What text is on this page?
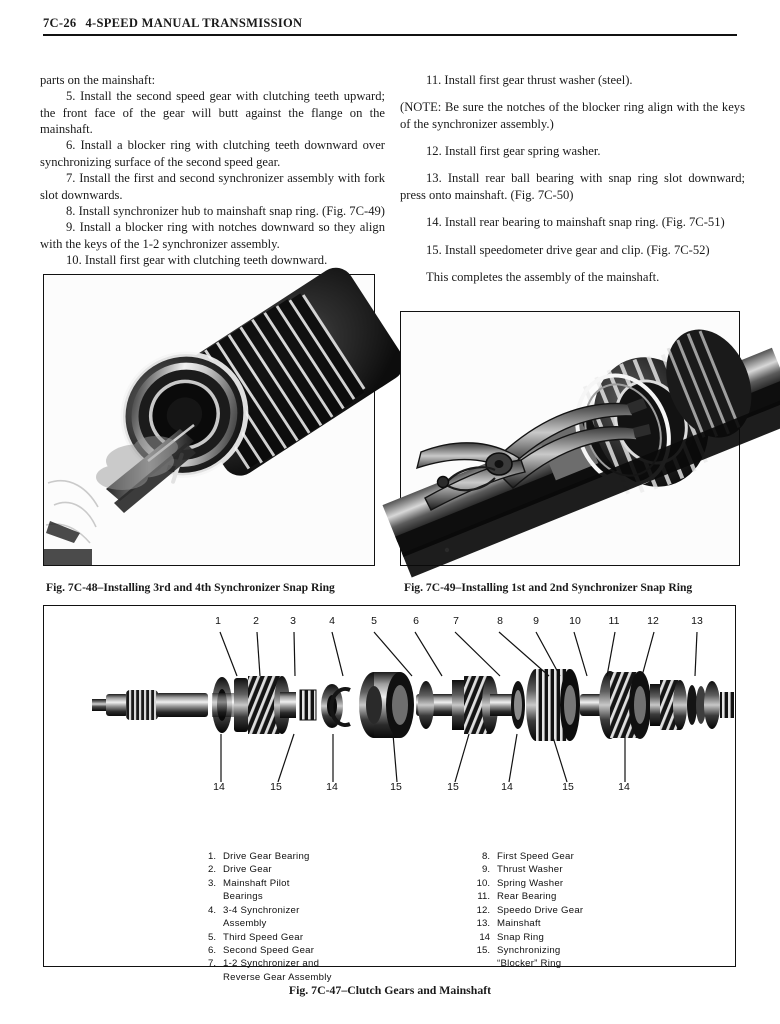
7C-26 4-SPEED MANUAL TRANSMISSION

parts on the mainshaft:

5. Install the second speed gear with clutching teeth upward; the front face of the gear will butt against the flange on the mainshaft.

6. Install a blocker ring with clutching teeth downward over synchronizing surface of the second speed gear.

7. Install the first and second synchronizer assembly with fork slot downwards.

8. Install synchronizer hub to mainshaft snap ring. (Fig. 7C-49)

9. Install a blocker ring with notches downward so they align with the keys of the 1-2 synchronizer assembly.

10. Install first gear with clutching teeth downward.

11. Install first gear thrust washer (steel).

(NOTE: Be sure the notches of the blocker ring align with the keys of the synchronizer assembly.)

12. Install first gear spring washer.

13. Install rear ball bearing with snap ring slot downward; press onto mainshaft. (Fig. 7C-50)

14. Install rear bearing to mainshaft snap ring. (Fig. 7C-51)

15. Install speedometer drive gear and clip. (Fig. 7C-52)

This completes the assembly of the mainshaft.

Fig. 7C-48–Installing 3rd and 4th Synchronizer Snap Ring	Fig. 7C-49–Installing 1st and 2nd Synchronizer Snap Ring
1	2	3	4	5	6	7	8	9	10	11	12	13
14	15	14	15	15	14	15	14
1. Drive Gear Bearing
2. Drive Gear
3. Mainshaft Pilot
Bearings
4. 3-4 Synchronizer
Assembly
5. Third Speed Gear
6. Second Speed Gear
7. 1-2 Synchronizer and
Reverse Gear Assembly
8. First Speed Gear
9. Thrust Washer
10. Spring Washer
11. Rear Bearing
12. Speedo Drive Gear
13. Mainshaft
14 Snap Ring
15. Synchronizing
“Blocker” Ring
Fig. 7C-47–Clutch Gears and Mainshaft
